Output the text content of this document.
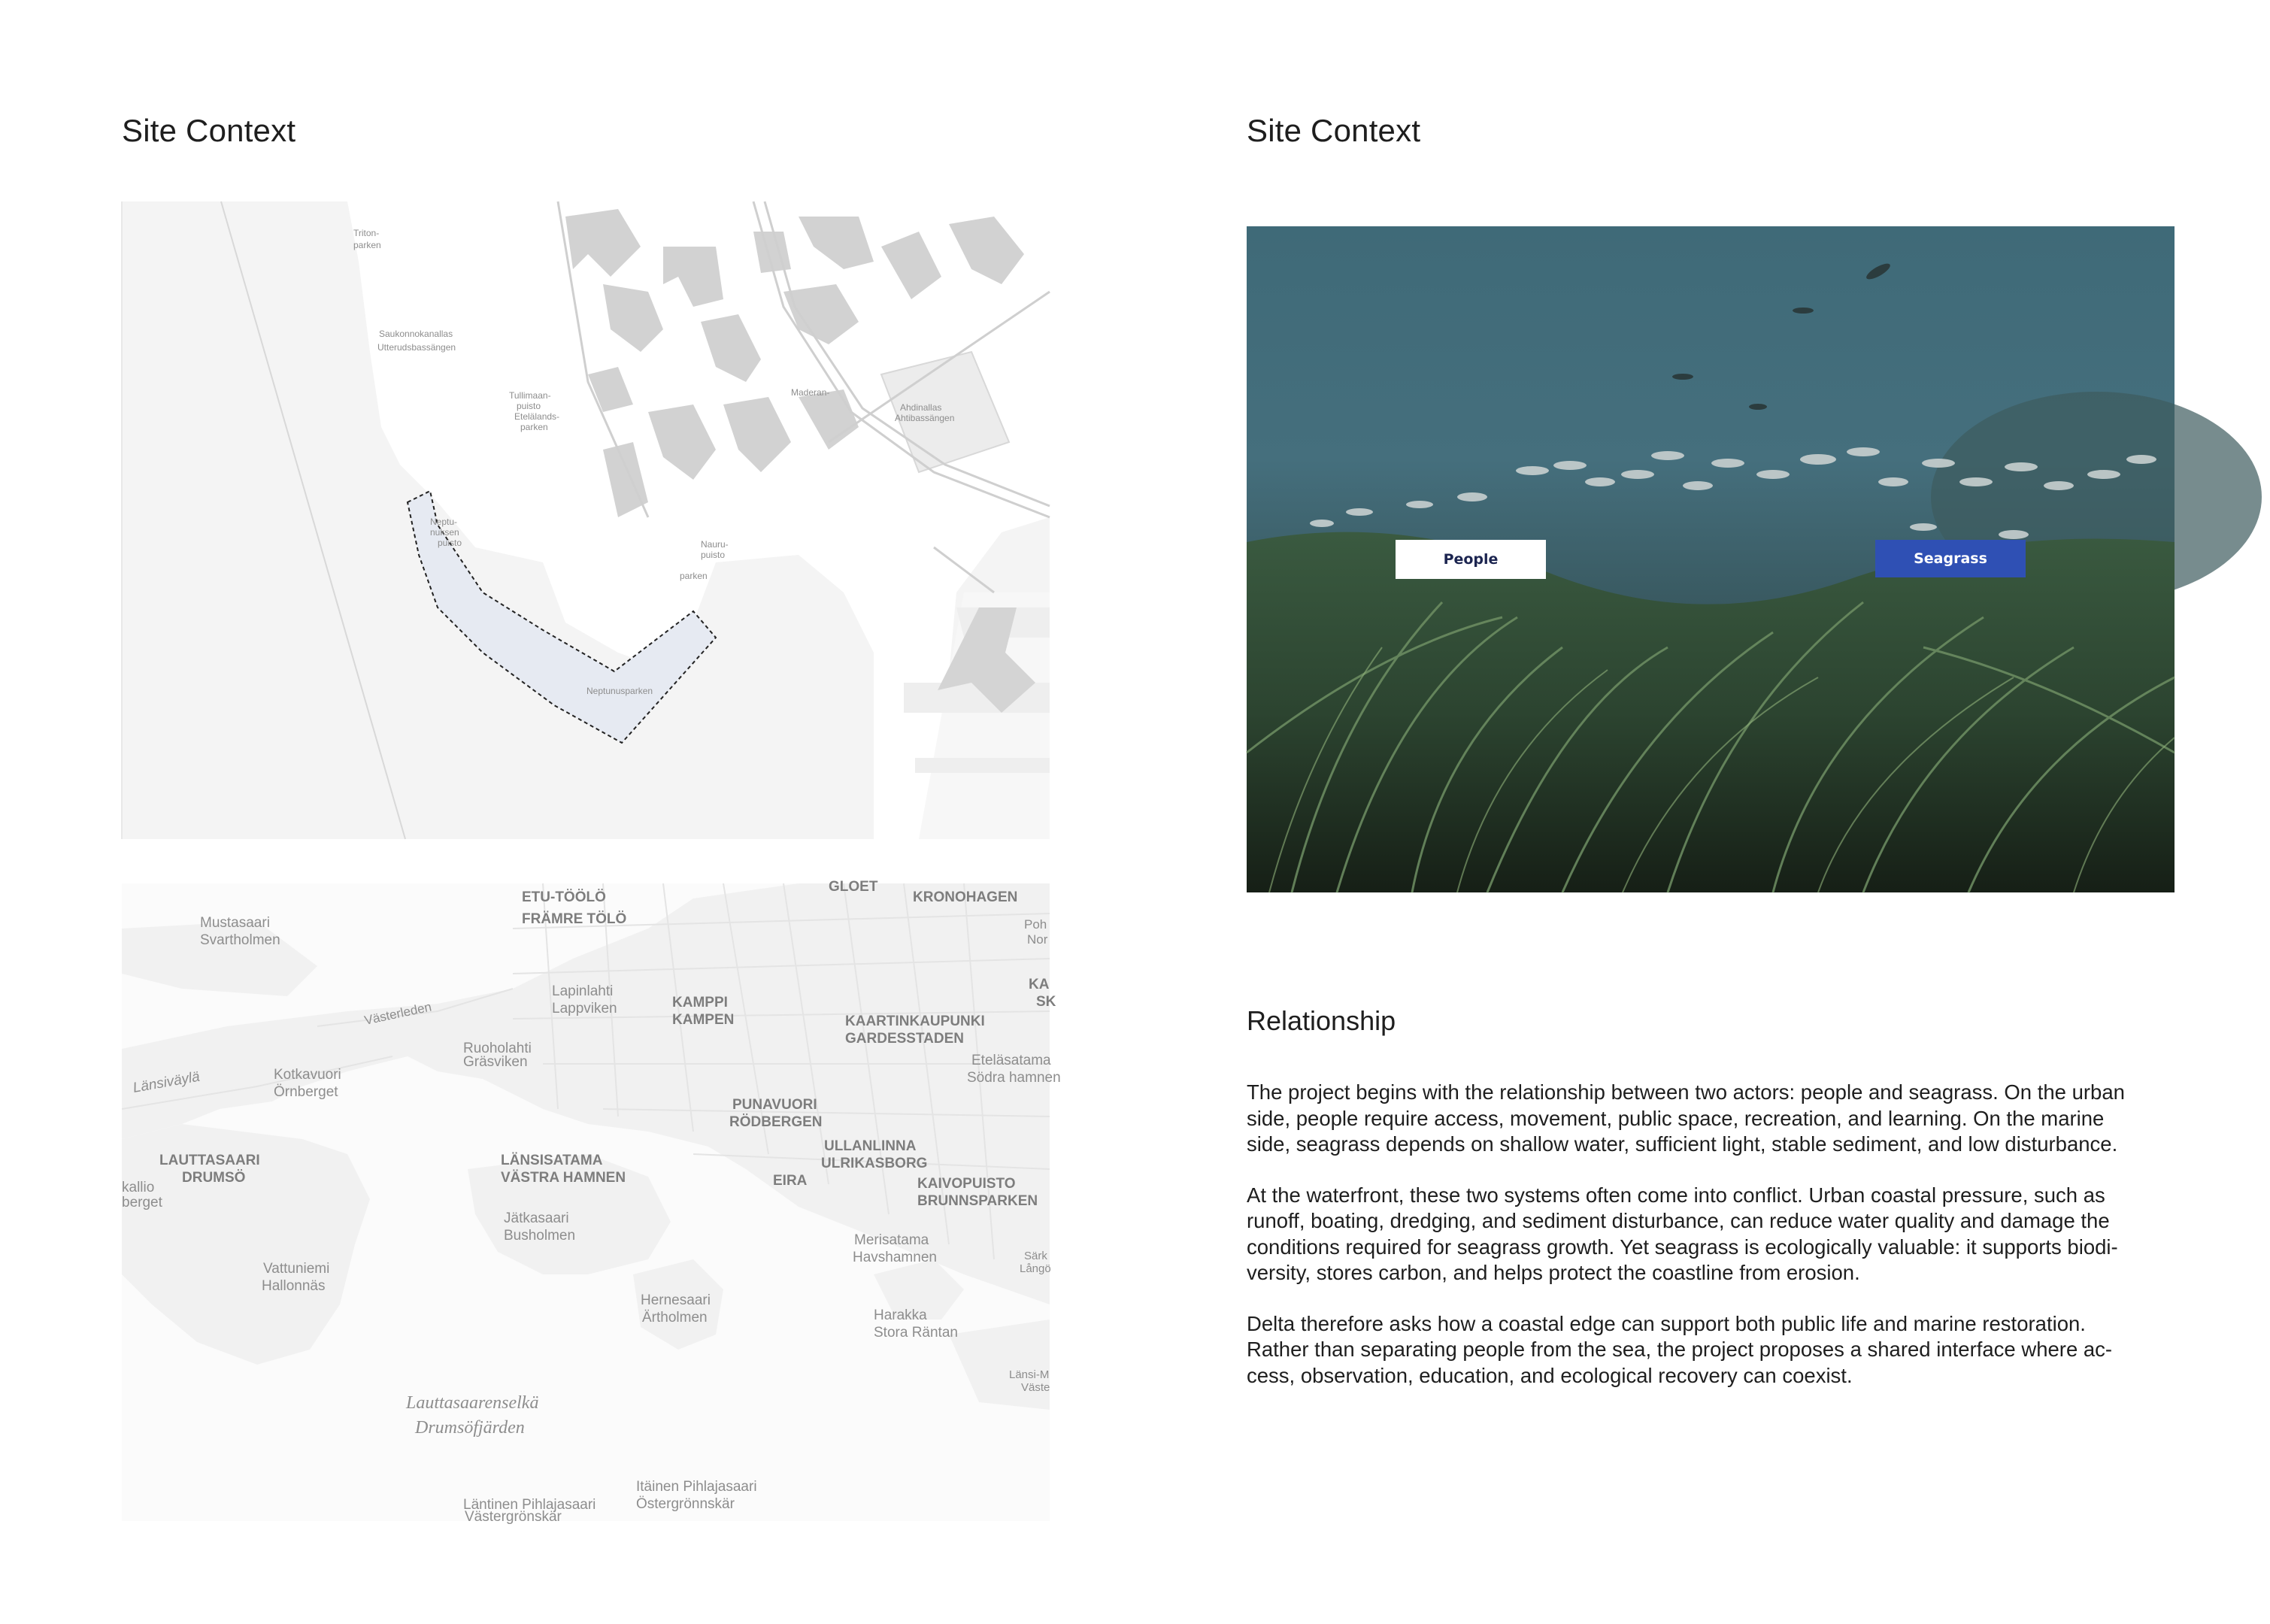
Site Context
Triton-
parken
Saukonnokanallas
Utterudsbassängen
Tullimaan-
puisto
Etelälands-
parken
Maderan-
Ahdinallas
Ahtibassängen
Neptu-
nuksen
puisto	Nauru-
puisto
parken
Neptunusparken
ETU-TÖÖLÖ
FRÄMRE TÖLÖ
GLOET
KRONOHAGEN
Mustasaari
Svartholmen
Lapinlahti
Lappviken	KAMPPI
KAMPEN	KAARTINKAUPUNKI
GARDESSTADEN
Ruoholahti
Gräsviken
Västerleden
Länsiväylä	Kotkavuori
Örnberget
PUNAVUORI
RÖDBERGEN
Eteläsatama
Södra hamnen
LAUTTASAARI
DRUMSÖ
LÄNSISATAMA
VÄSTRA HAMNEN
ULLANLINNA
ULRIKASBORG
EIRA	KAIVOPUISTO
BRUNNSPARKEN
kallio
berget
Jätkasaari
Busholmen	Merisatama
Havshamnen
Vattuniemi
Hallonnäs
Hernesaari
Ärtholmen	Harakka
Stora Räntan
Lauttasaarenselkä
Drumsöfjärden
Läntinen Pihlajasaari
Västergrönskär
Itäinen Pihlajasaari
Östergrönnskär
Länsi-M
Väste
Särk
Långö
Poh
Nor
KA
SK
Site Context
People	Seagrass
Relationship

The project begins with the relationship between two actors: people and seagrass. On the urban
side, people require access, movement, public space, recreation, and learning. On the marine
side, seagrass depends on shallow water, sufficient light, stable sediment, and low disturbance.

At the waterfront, these two systems often come into conflict. Urban coastal pressure, such as
runoff, boating, dredging, and sediment disturbance, can reduce water quality and damage the
conditions required for seagrass growth. Yet seagrass is ecologically valuable: it supports biodi-
versity, stores carbon, and helps protect the coastline from erosion.

Delta therefore asks how a coastal edge can support both public life and marine restoration.
Rather than separating people from the sea, the project proposes a shared interface where ac-
cess, observation, education, and ecological recovery can coexist.
